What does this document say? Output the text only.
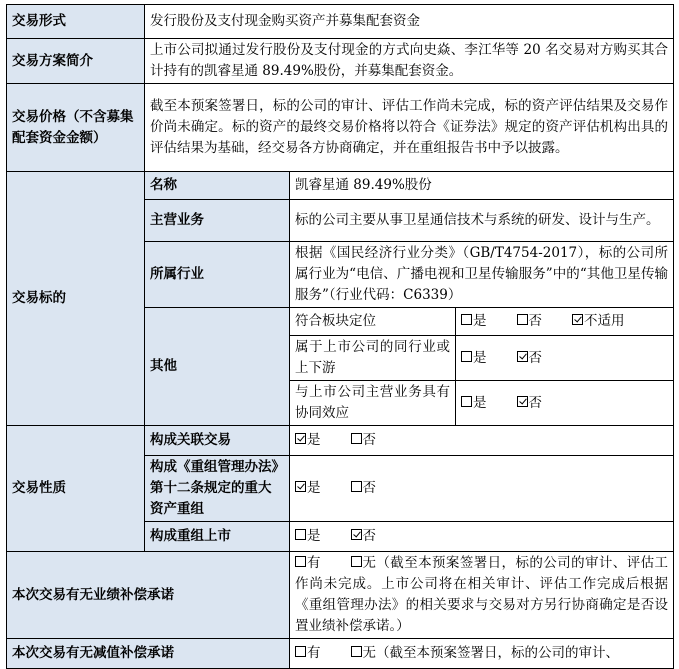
交易形式	发行股份及支付现金购买资产并募集配套资金		
交易方案简介	上市公司拟通过发行股份及支付现金的方式向史焱、李江华等 20 名交易对方购买其合计持有的凯睿星通 89.49%股份，并募集配套资金。		
交易价格（不含募集配套资金金额）	截至本预案签署日，标的公司的审计、评估工作尚未完成，标的资产评估结果及交易作价尚未确定。标的资产的最终交易价格将以符合《证券法》规定的资产评估机构出具的评估结果为基础，经交易各方协商确定，并在重组报告书中予以披露。		
交易标的	名称	凯睿星通 89.49%股份	
	主营业务	标的公司主要从事卫星通信技术与系统的研发、设计与生产。	
	所属行业	根据《国民经济行业分类》（GB/T4754-2017），标的公司所属行业为“电信、广播电视和卫星传输服务”中的“其他卫星传输服务”（行业代码：C6339）	
	其他	符合板块定位	是 否 不适用
		属于上市公司的同行业或上下游	是 否
		与上市公司主营业务具有协同效应	是 否
交易性质	构成关联交易	是 否	
	构成《重组管理办法》第十二条规定的重大资产重组	是 否	
	构成重组上市	是 否	
本次交易有无业绩补偿承诺		有 无（截至本预案签署日，标的公司的审计、评估工作尚未完成。上市公司将在相关审计、评估工作完成后根据《重组管理办法》的相关要求与交易对方另行协商确定是否设置业绩补偿承诺。）	
本次交易有无减值补偿承诺		有 无（截至本预案签署日，标的公司的审计、	
